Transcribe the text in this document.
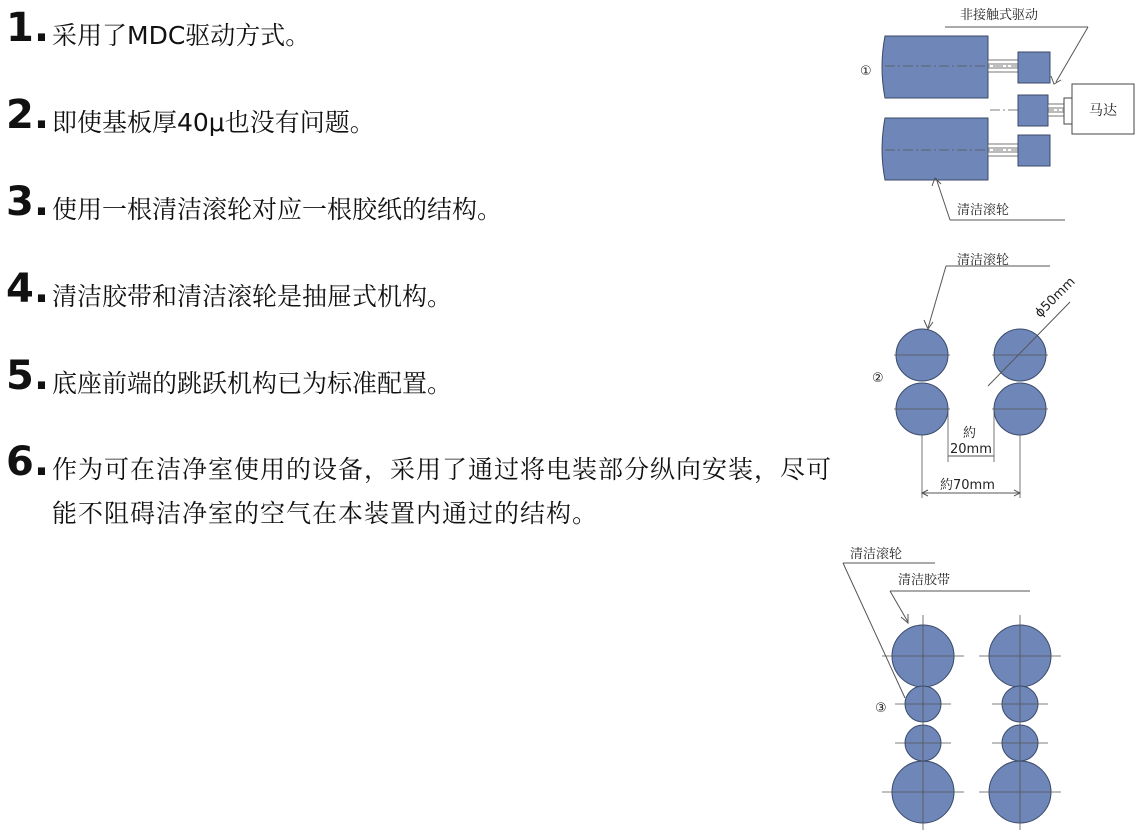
1. 采用了MDC驱动方式。
2. 即使基板厚40μ也没有问题。
3. 使用一根清洁滚轮对应一根胶纸的结构。
4. 清洁胶带和清洁滚轮是抽屉式机构。
5. 底座前端的跳跃机构已为标准配置。
6. 作为可在洁净室使用的设备，采用了通过将电装部分纵向安装，尽可能不阻碍洁净室的空气在本装置内通过的结构。
非接触式驱动
①
马达
清洁滚轮
清洁滚轮
②
ϕ50mm
約
20mm
約70mm
清洁滚轮
清洁胶带
③
